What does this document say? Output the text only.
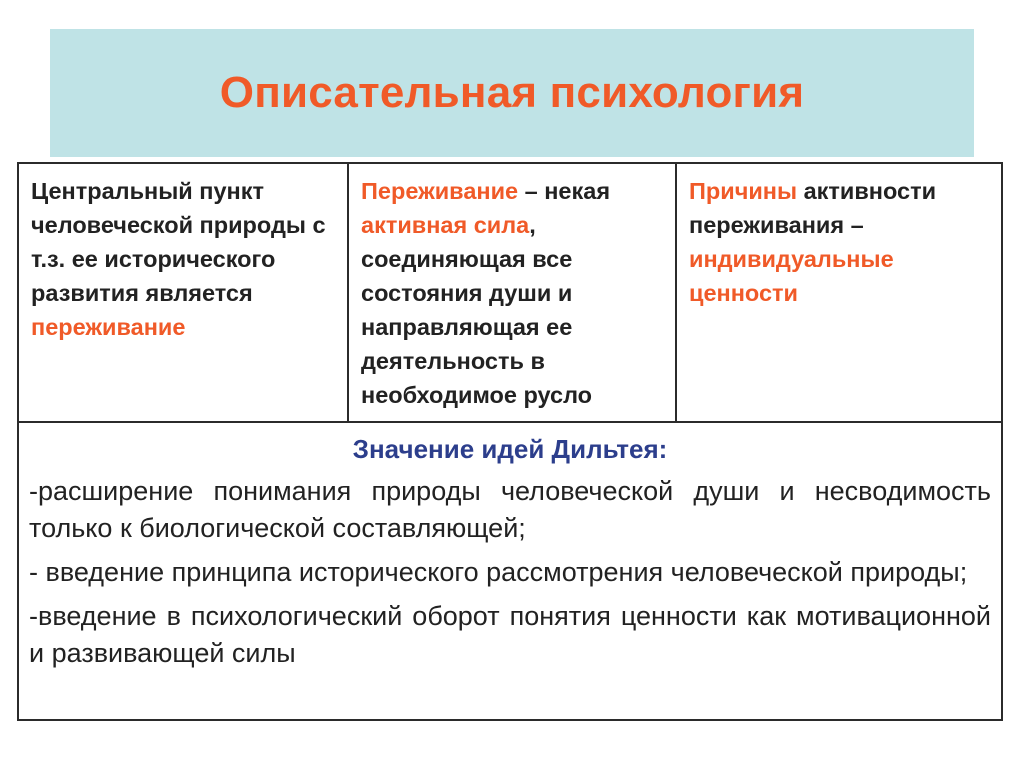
Описательная психология
Центральный пункт человеческой природы с т.з. ее исторического развития является переживание
Переживание – некая активная сила, соединяющая все состояния души и направляющая ее деятельность в необходимое русло
Причины активности переживания – индивидуальные ценности
Значение идей Дильтея:
-расширение понимания природы человеческой души и несводимость только к биологической составляющей;
- введение принципа исторического рассмотрения человеческой природы;
-введение в психологический оборот понятия ценности как мотивационной и развивающей силы
